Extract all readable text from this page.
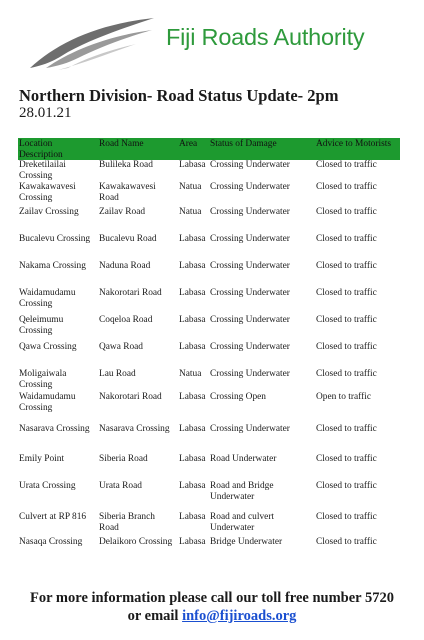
Fiji Roads Authority
Northern Division- Road Status Update- 2pm
28.01.21
Location Description	Road Name	Area	Status of Damage	Advice to Motorists
Dreketilailai Crossing	Bulileka Road	Labasa	Crossing Underwater	Closed to traffic
Kawakawavesi Crossing	Kawakawavesi Road	Natua	Crossing Underwater	Closed to traffic
Zailav Crossing	Zailav Road	Natua	Crossing Underwater	Closed to traffic
Bucalevu Crossing	Bucalevu Road	Labasa	Crossing Underwater	Closed to traffic
Nakama Crossing	Naduna Road	Labasa	Crossing Underwater	Closed to traffic
Waidamudamu Crossing	Nakorotari Road	Labasa	Crossing Underwater	Closed to traffic
Qeleimumu Crossing	Coqeloa Road	Labasa	Crossing Underwater	Closed to traffic
Qawa Crossing	Qawa Road	Labasa	Crossing Underwater	Closed to traffic
Moligaiwala Crossing	Lau Road	Natua	Crossing Underwater	Closed to traffic
Waidamudamu Crossing	Nakorotari Road	Labasa	Crossing Open	Open to traffic
Nasarava Crossing	Nasarava Crossing	Labasa	Crossing Underwater	Closed to traffic
Emily Point	Siberia Road	Labasa	Road Underwater	Closed to traffic
Urata Crossing	Urata Road	Labasa	Road and Bridge Underwater	Closed to traffic
Culvert at RP 816	Siberia Branch Road	Labasa	Road and culvert Underwater	Closed to traffic
Nasaqa Crossing	Delaikoro Crossing	Labasa	Bridge Underwater	Closed to traffic
For more information please call our toll free number 5720
or email info@fijiroads.org
